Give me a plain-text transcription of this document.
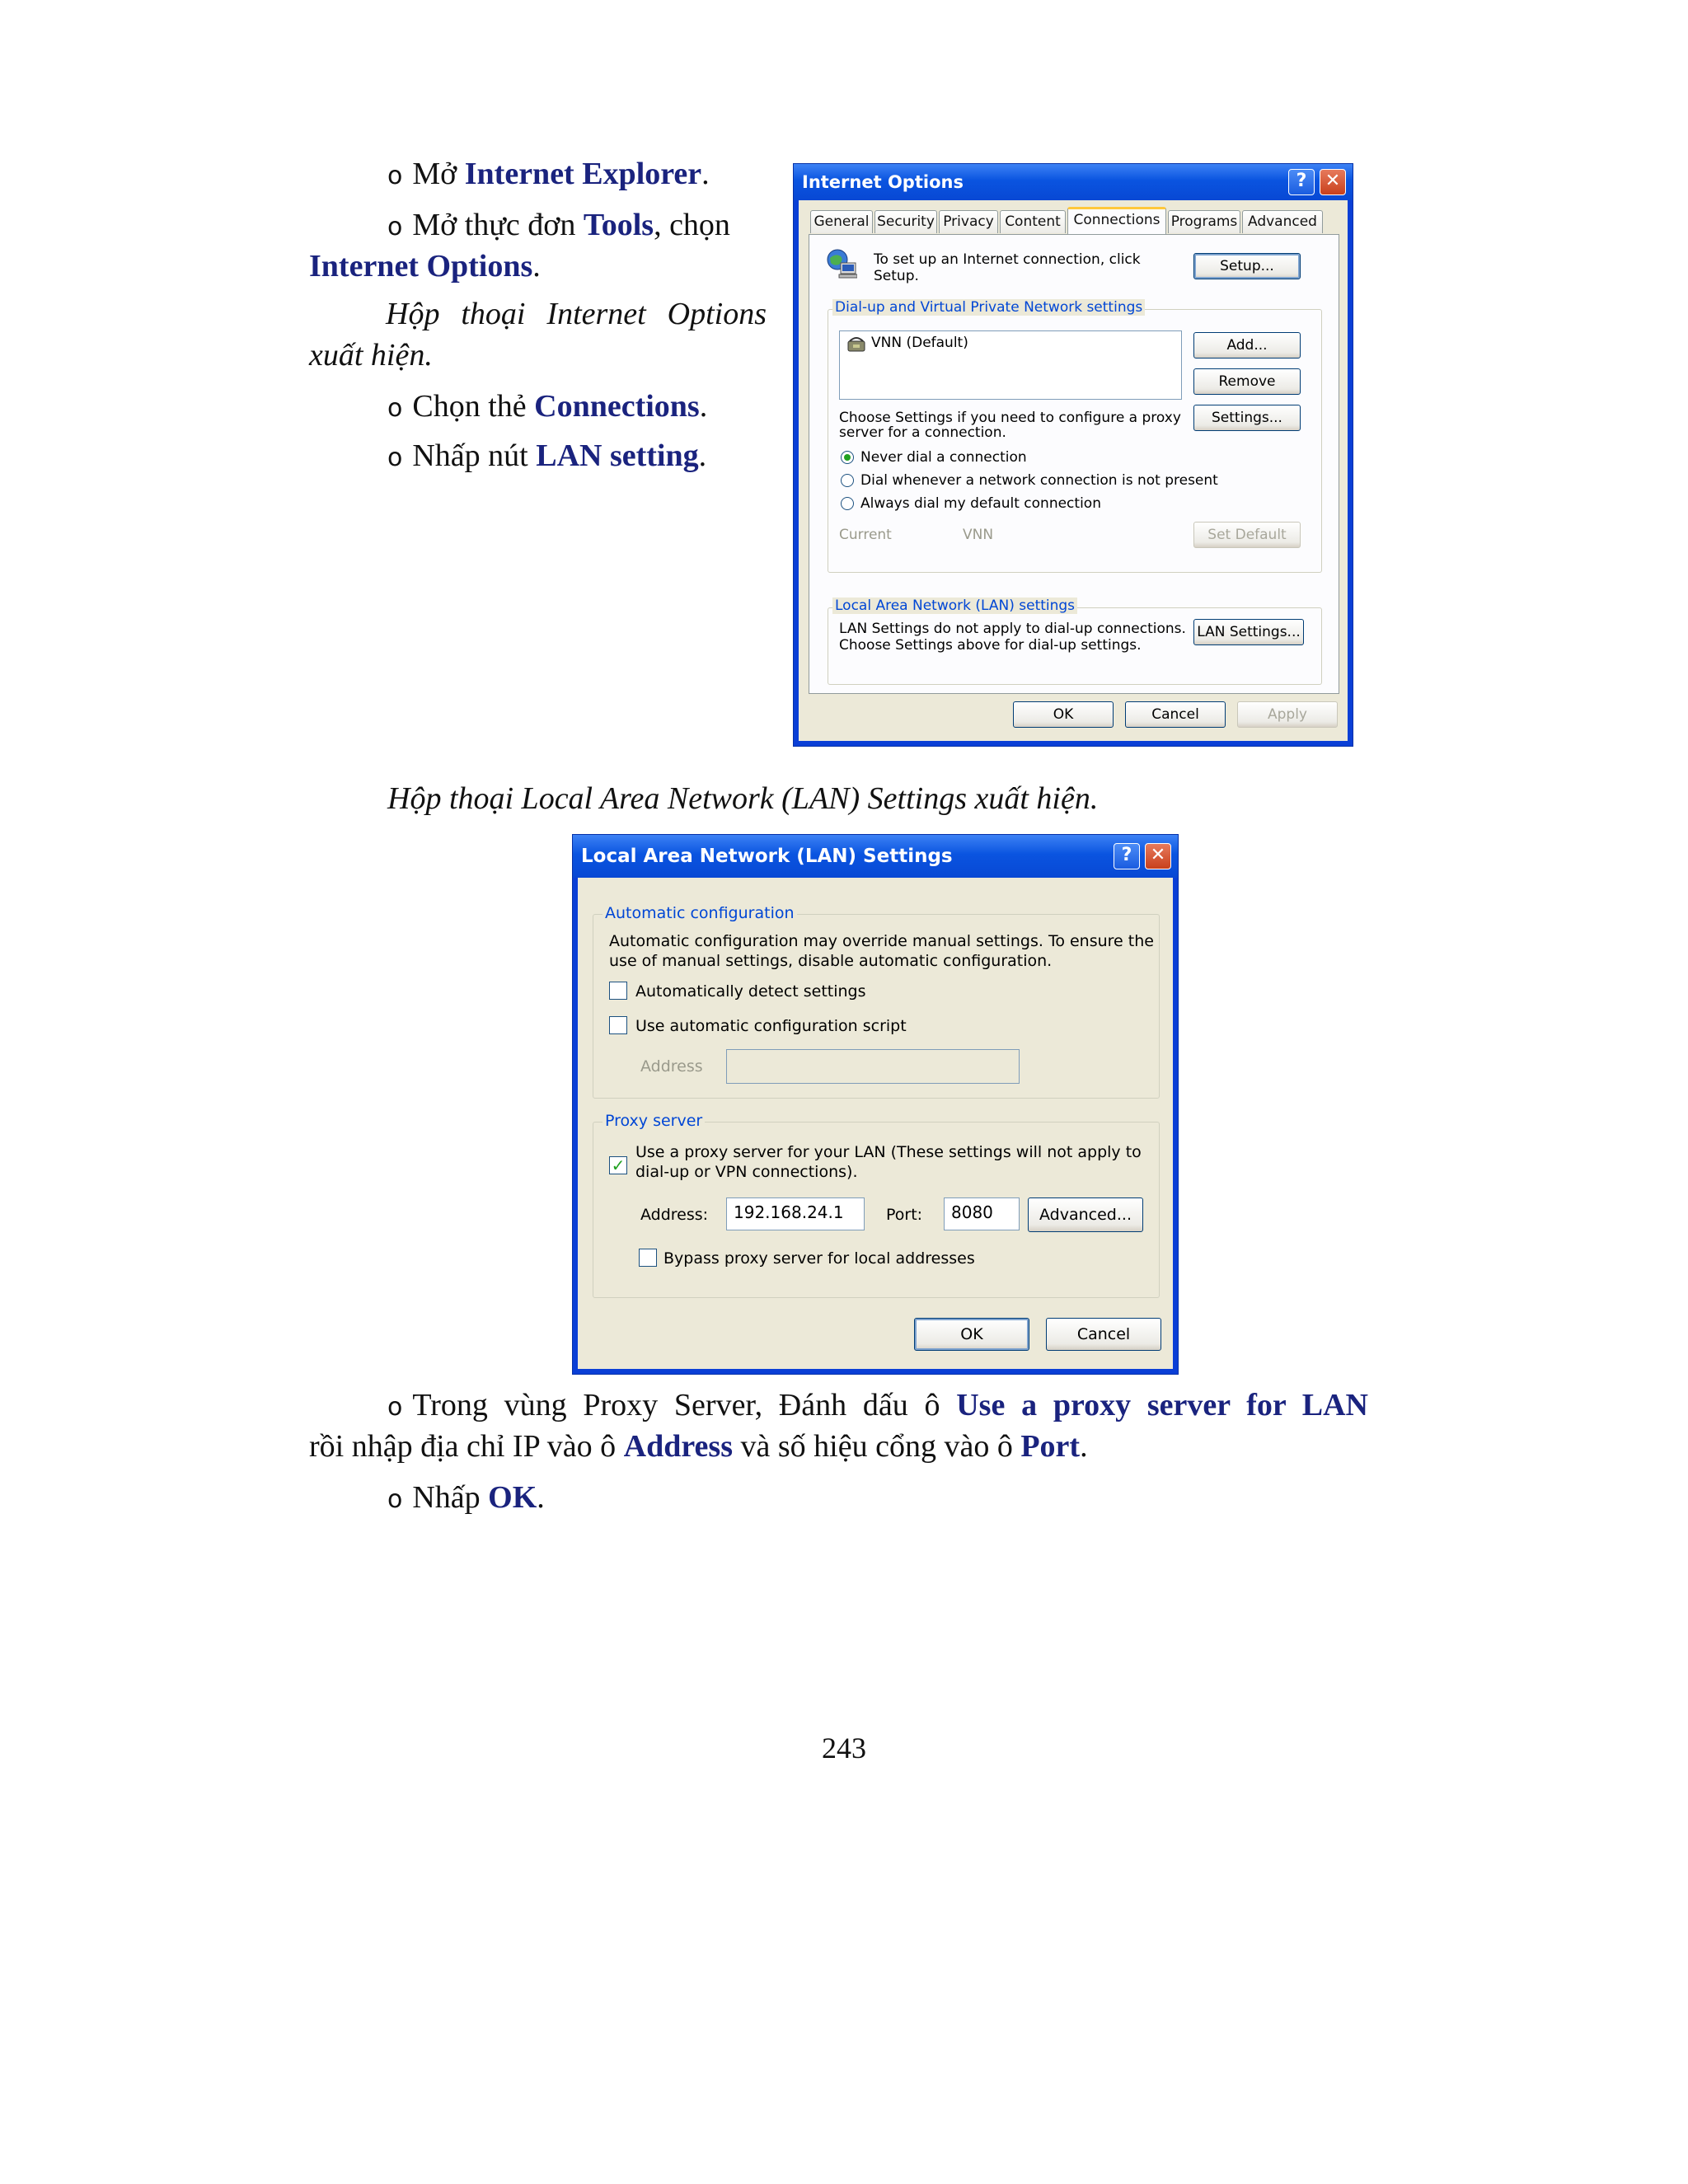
o Mở Internet Explorer.
o Mở thực đơn Tools, chọn
Internet Options.
Hộp thoại Internet Options
xuất hiện.
o Chọn thẻ Connections.
o Nhấp nút LAN setting.
Internet Options	?	✕
General Security Privacy Content Connections Programs Advanced
To set up an Internet connection, click
Setup.
Setup...
Dial-up and Virtual Private Network settings
VNN (Default)	Add...
Remove
Choose Settings if you need to configure a proxy
server for a connection.
Settings...
Never dial a connection
Dial whenever a network connection is not present
Always dial my default connection
Current	VNN	Set Default
Local Area Network (LAN) settings
LAN Settings do not apply to dial-up connections.
Choose Settings above for dial-up settings.
LAN Settings...
OK	Cancel	Apply
Hộp thoại Local Area Network (LAN) Settings xuất hiện.
Local Area Network (LAN) Settings	?	✕
Automatic configuration
Automatic configuration may override manual settings. To ensure the
use of manual settings, disable automatic configuration.
Automatically detect settings
Use automatic configuration script
Address
Proxy server
✓
Use a proxy server for your LAN (These settings will not apply to
dial-up or VPN connections).
Address:	192.168.24.1	Port:	8080	Advanced...
Bypass proxy server for local addresses
OK	Cancel
o Trong vùng Proxy Server, Đánh dấu ô Use a proxy server for LAN
rồi nhập địa chỉ IP vào ô Address và số hiệu cổng vào ô Port.
o Nhấp OK.
243
